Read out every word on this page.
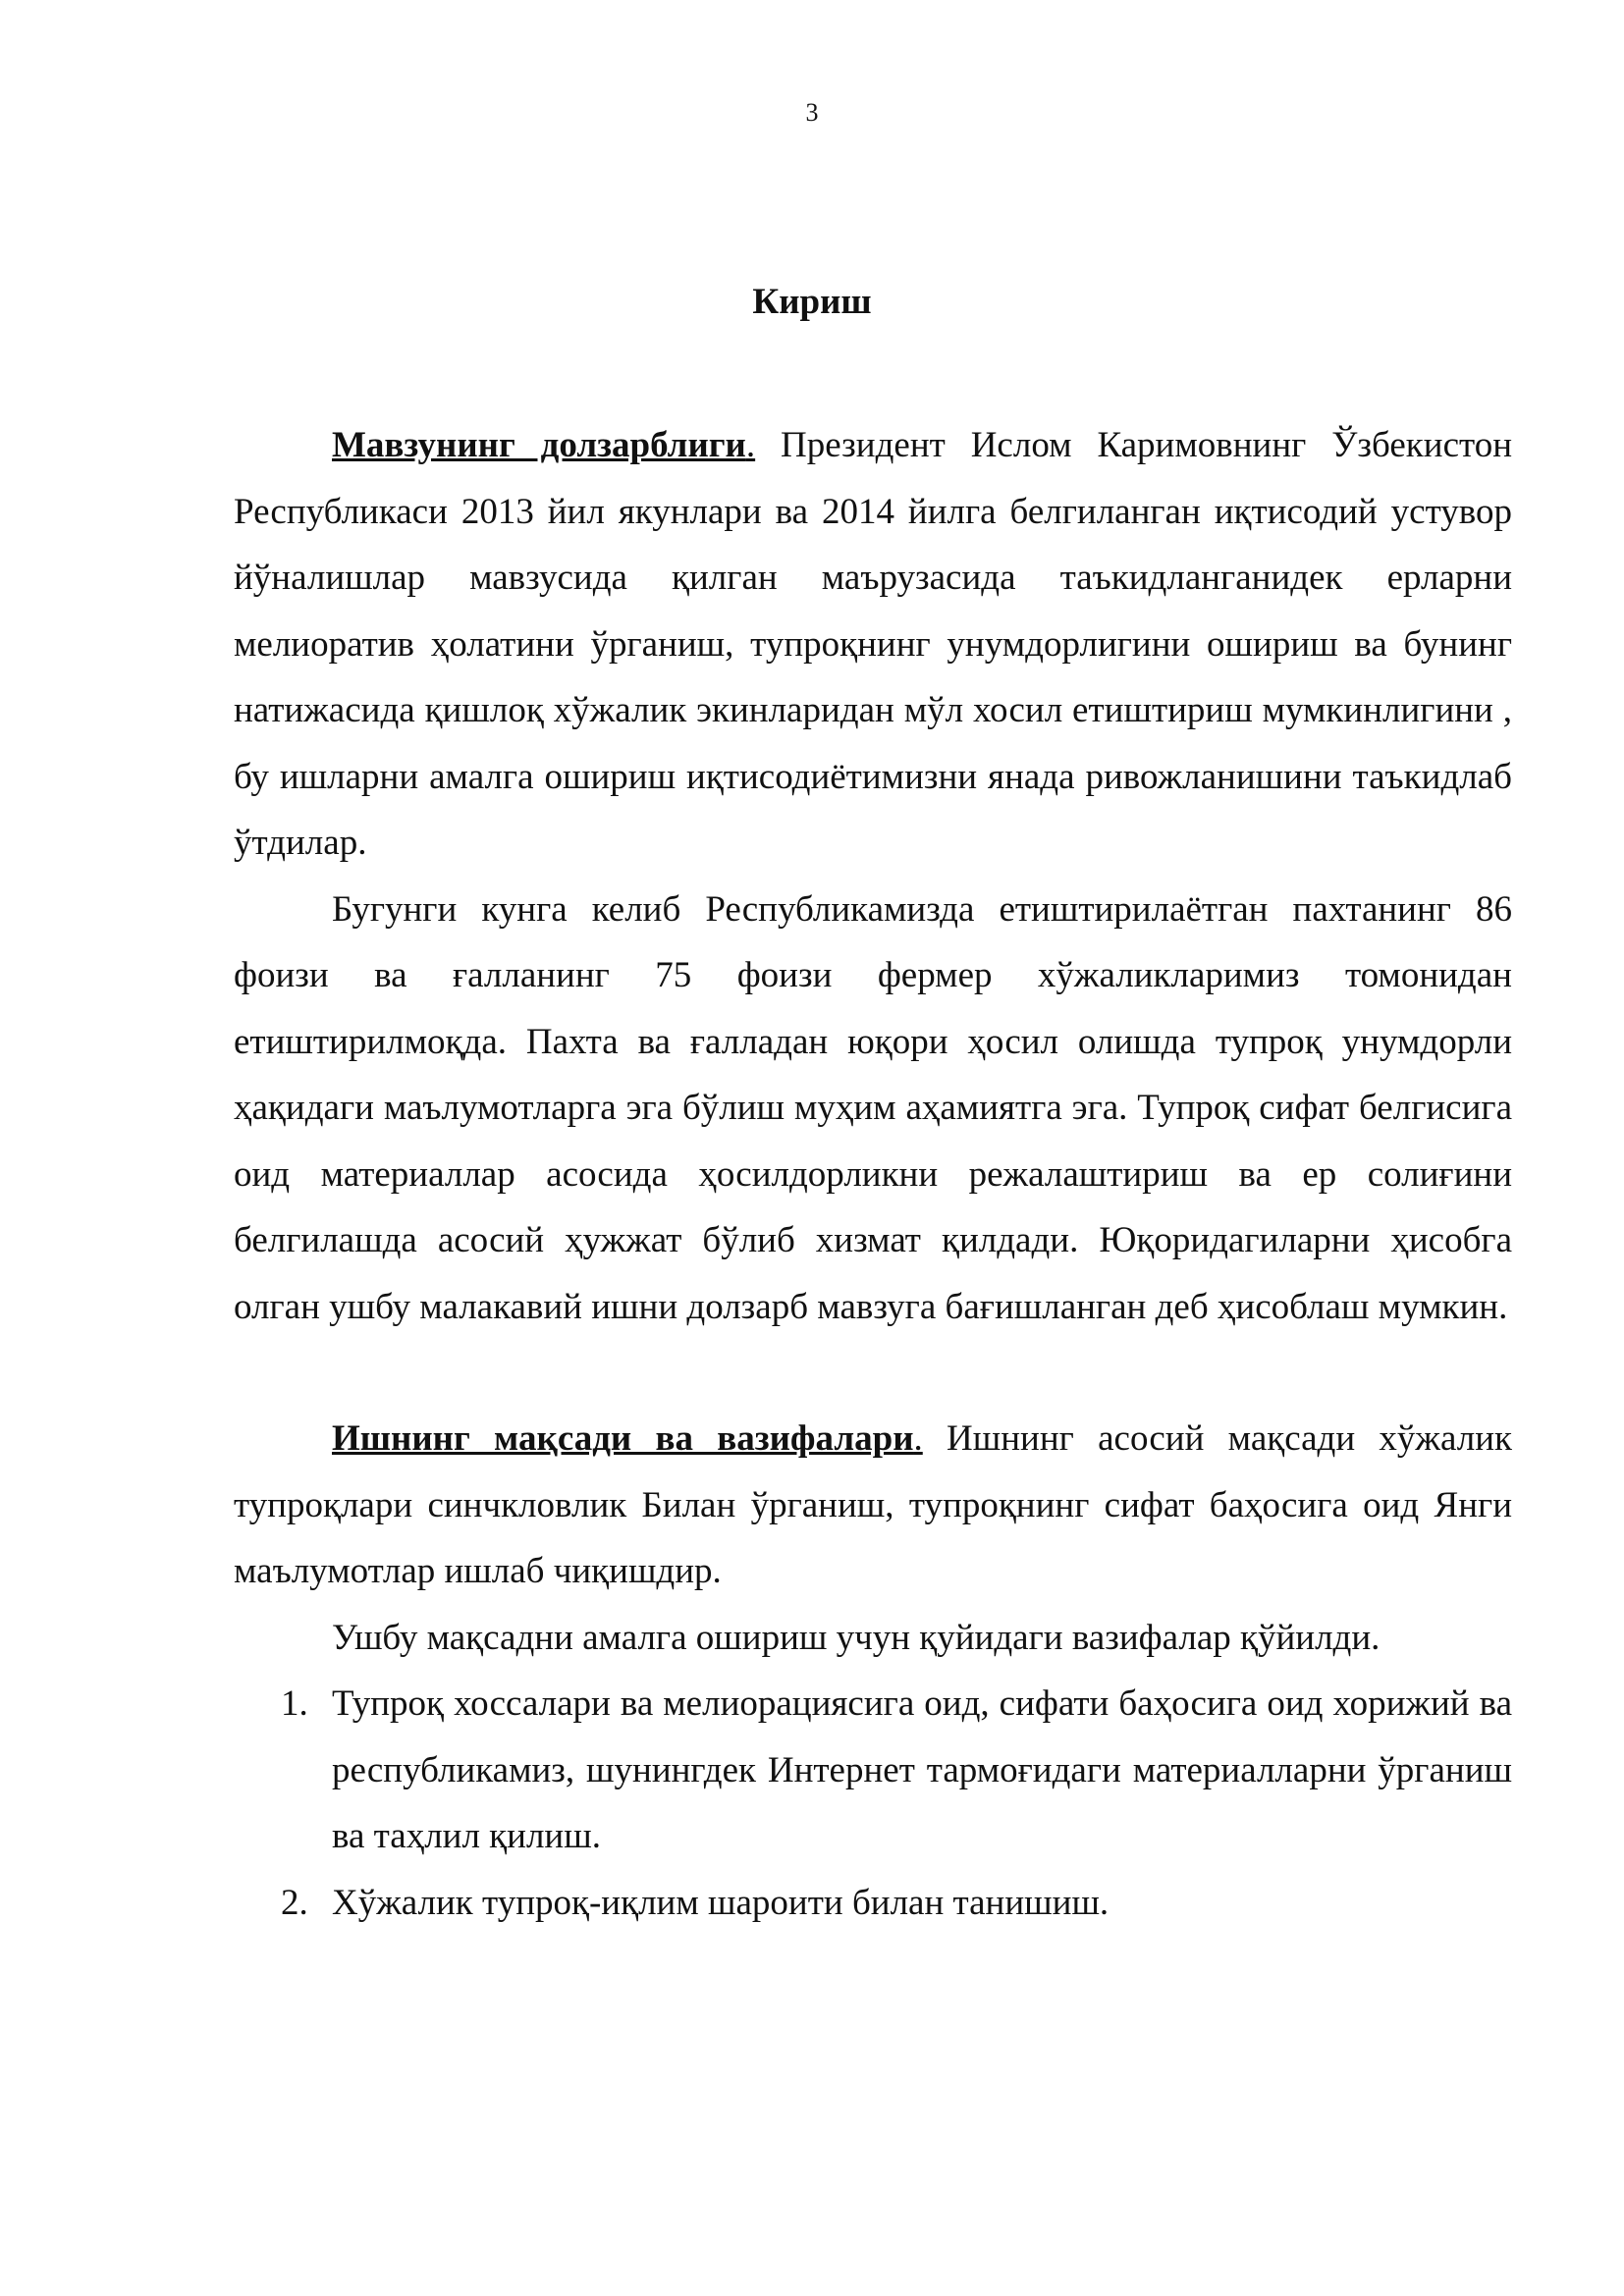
3
Кириш

Мавзунинг долзарблиги. Президент Ислом Каримовнинг Ўзбекистон Республикаси 2013 йил якунлари ва 2014 йилга белгиланган иқтисодий устувор йўналишлар мавзусида қилган маърузасида таъкидланганидек ерларни мелиоратив ҳолатини ўрганиш, тупроқнинг унумдорлигини ошириш ва бунинг натижасида қишлоқ хўжалик экинларидан мўл хосил етиштириш мумкинлигини , бу ишларни амалга ошириш иқтисодиётимизни янада ривожланишини таъкидлаб ўтдилар.

Бугунги кунга келиб Республикамизда етиштирилаётган пахтанинг 86 фоизи ва ғалланинг 75 фоизи фермер хўжаликларимиз томонидан етиштирилмоқда. Пахта ва ғалладан юқори ҳосил олишда тупроқ унумдорли ҳақидаги маълумотларга эга бўлиш муҳим аҳамиятга эга. Тупроқ сифат белгисига оид материаллар асосида ҳосилдорликни режалаштириш ва ер солиғини белгилашда асосий ҳужжат бўлиб хизмат қилдади. Юқоридагиларни ҳисобга олган ушбу малакавий ишни долзарб мавзуга бағишланган деб ҳисоблаш мумкин.

Ишнинг мақсади ва вазифалари. Ишнинг асосий мақсади хўжалик тупроқлари синчкловлик Билан ўрганиш, тупроқнинг сифат баҳосига оид Янги маълумотлар ишлаб чиқишдир.

Ушбу мақсадни амалга ошириш учун қуйидаги вазифалар қўйилди.

1. Тупроқ хоссалари ва мелиорациясига оид, сифати баҳосига оид хорижий ва республикамиз, шунингдек Интернет тармоғидаги материалларни ўрганиш ва таҳлил қилиш.
2. Хўжалик тупроқ-иқлим шароити билан танишиш.
